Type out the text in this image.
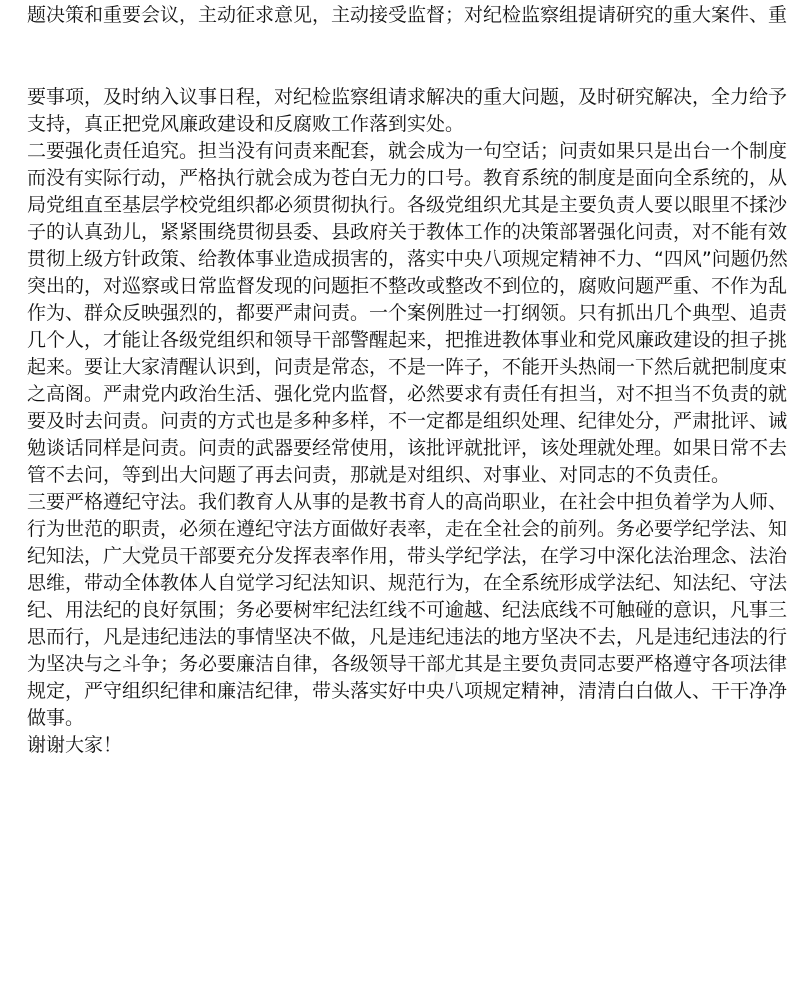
题决策和重要会议，主动征求意见，主动接受监督；对纪检监察组提请研究的重大案件、重
要事项，及时纳入议事日程，对纪检监察组请求解决的重大问题，及时研究解决，全力给予
支持，真正把党风廉政建设和反腐败工作落到实处。
二要强化责任追究。担当没有问责来配套，就会成为一句空话；问责如果只是出台一个制度
而没有实际行动，严格执行就会成为苍白无力的口号。教育系统的制度是面向全系统的，从
局党组直至基层学校党组织都必须贯彻执行。各级党组织尤其是主要负责人要以眼里不揉沙
子的认真劲儿，紧紧围绕贯彻县委、县政府关于教体工作的决策部署强化问责，对不能有效
贯彻上级方针政策、给教体事业造成损害的，落实中央八项规定精神不力、“四风”问题仍然
突出的，对巡察或日常监督发现的问题拒不整改或整改不到位的，腐败问题严重、不作为乱
作为、群众反映强烈的，都要严肃问责。一个案例胜过一打纲领。只有抓出几个典型、追责
几个人，才能让各级党组织和领导干部警醒起来，把推进教体事业和党风廉政建设的担子挑
起来。要让大家清醒认识到，问责是常态，不是一阵子，不能开头热闹一下然后就把制度束
之高阁。严肃党内政治生活、强化党内监督，必然要求有责任有担当，对不担当不负责的就
要及时去问责。问责的方式也是多种多样，不一定都是组织处理、纪律处分，严肃批评、诫
勉谈话同样是问责。问责的武器要经常使用，该批评就批评，该处理就处理。如果日常不去
管不去问，等到出大问题了再去问责，那就是对组织、对事业、对同志的不负责任。
三要严格遵纪守法。我们教育人从事的是教书育人的高尚职业，在社会中担负着学为人师、
行为世范的职责，必须在遵纪守法方面做好表率，走在全社会的前列。务必要学纪学法、知
纪知法，广大党员干部要充分发挥表率作用，带头学纪学法，在学习中深化法治理念、法治
思维，带动全体教体人自觉学习纪法知识、规范行为，在全系统形成学法纪、知法纪、守法
纪、用法纪的良好氛围；务必要树牢纪法红线不可逾越、纪法底线不可触碰的意识，凡事三
思而行，凡是违纪违法的事情坚决不做，凡是违纪违法的地方坚决不去，凡是违纪违法的行
为坚决与之斗争；务必要廉洁自律，各级领导干部尤其是主要负责同志要严格遵守各项法律
规定，严守组织纪律和廉洁纪律，带头落实好中央八项规定精神，清清白白做人、干干净净
做事。
谢谢大家！
